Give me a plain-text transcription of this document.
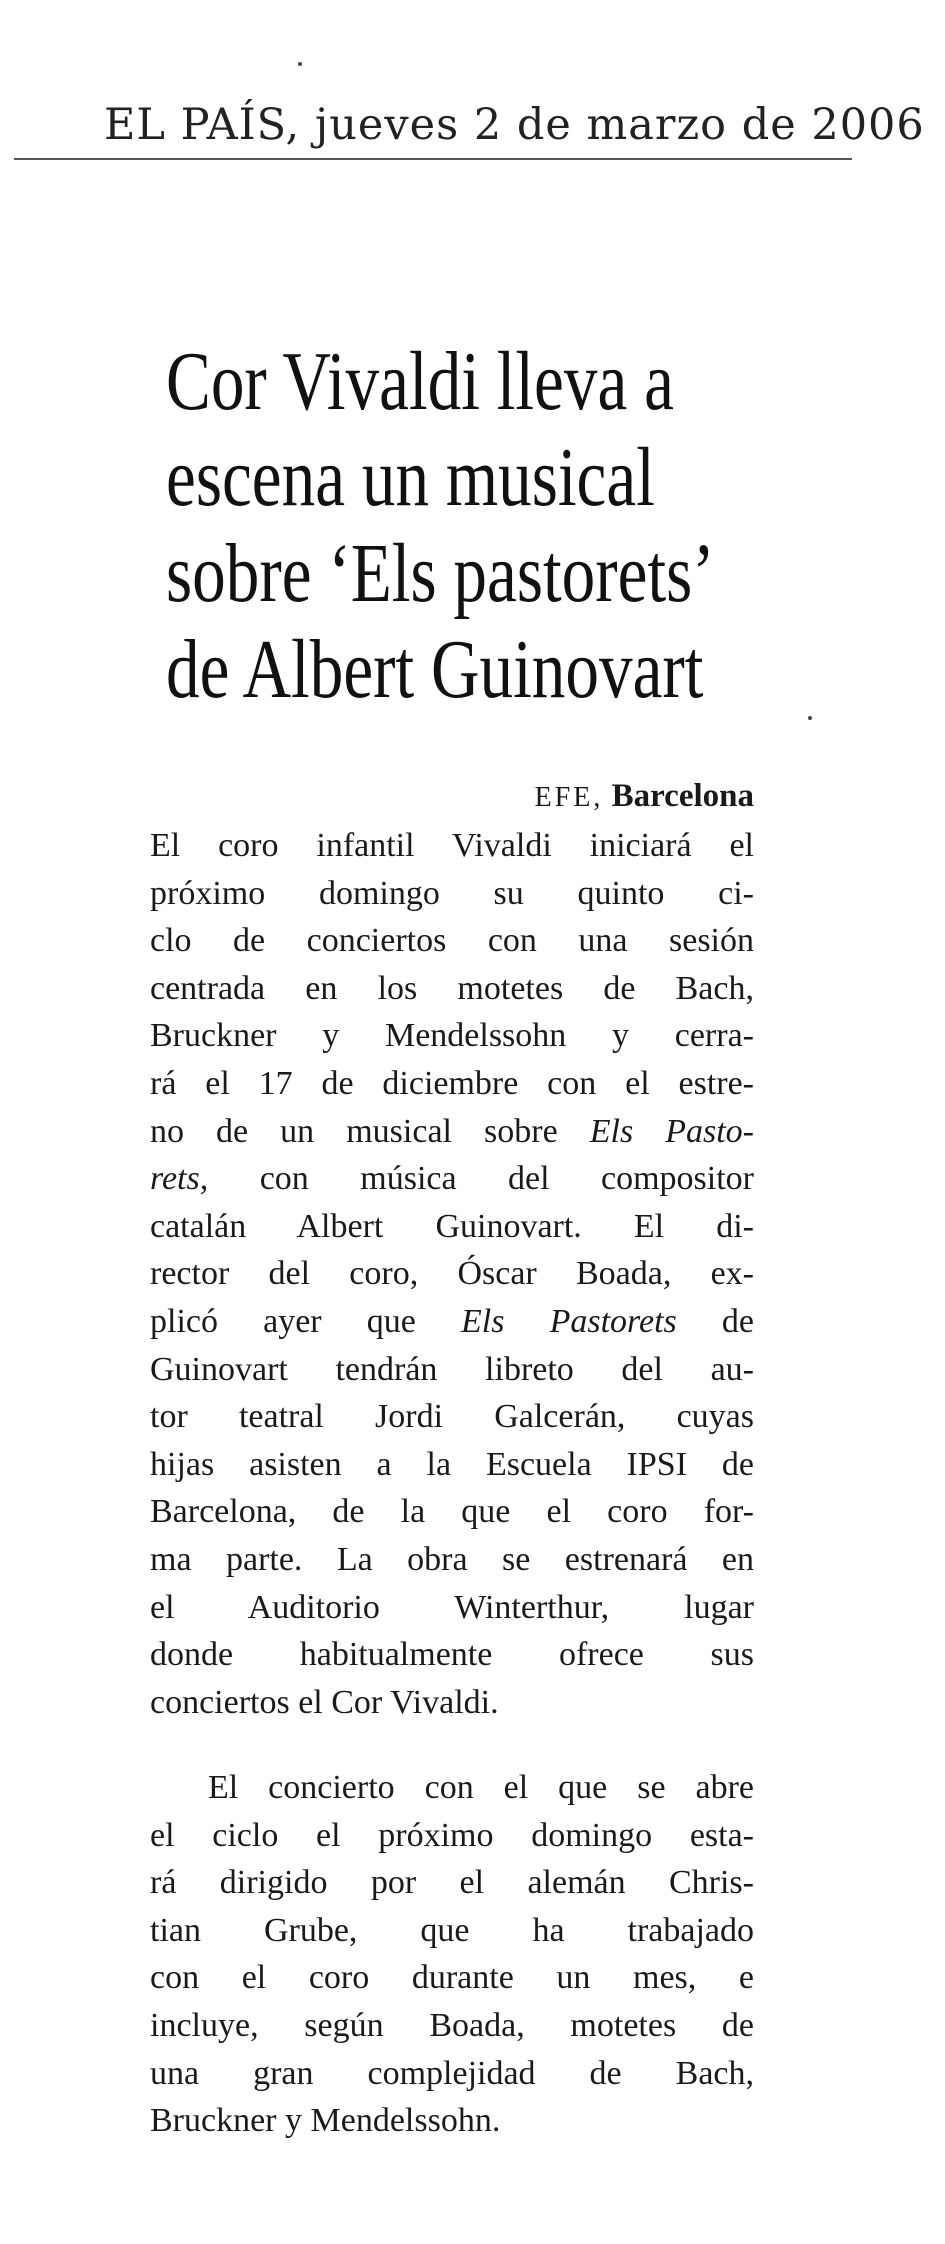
EL PAÍS, jueves 2 de marzo de 2006
Cor Vivaldi lleva a
escena un musical
sobre ‘Els pastorets’
de Albert Guinovart
EFE, Barcelona
El coro infantil Vivaldi iniciará el
próximo domingo su quinto ci-
clo de conciertos con una sesión
centrada en los motetes de Bach,
Bruckner y Mendelssohn y cerra-
rá el 17 de diciembre con el estre-
no de un musical sobre Els Pasto-
rets, con música del compositor
catalán Albert Guinovart. El di-
rector del coro, Óscar Boada, ex-
plicó ayer que Els Pastorets de
Guinovart tendrán libreto del au-
tor teatral Jordi Galcerán, cuyas
hijas asisten a la Escuela IPSI de
Barcelona, de la que el coro for-
ma parte. La obra se estrenará en
el Auditorio Winterthur, lugar
donde habitualmente ofrece sus
conciertos el Cor Vivaldi.
El concierto con el que se abre
el ciclo el próximo domingo esta-
rá dirigido por el alemán Chris-
tian Grube, que ha trabajado
con el coro durante un mes, e
incluye, según Boada, motetes de
una gran complejidad de Bach,
Bruckner y Mendelssohn.
